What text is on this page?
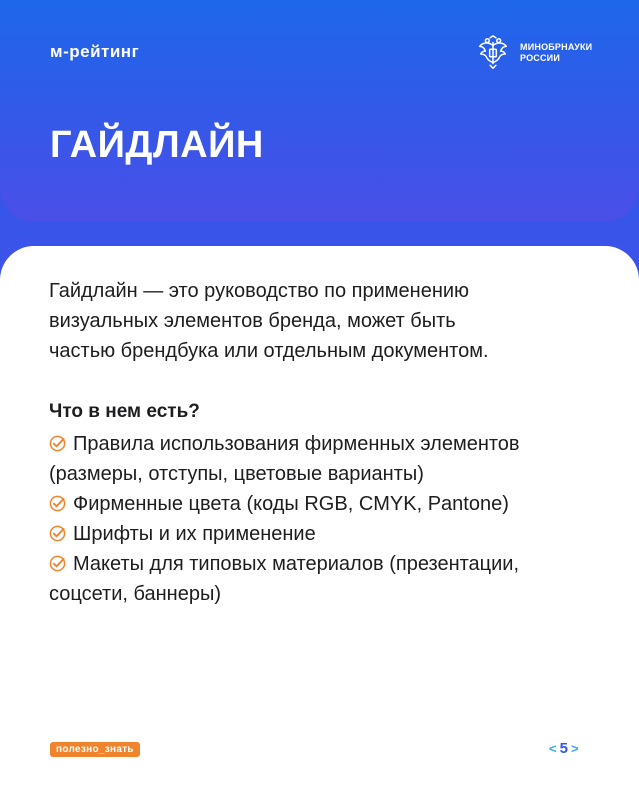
м-рейтинг	МИНОБРНАУКИ
РОССИИ
ГАЙДЛАЙН

Гайдлайн — это руководство по применению
визуальных элементов бренда, может быть
частью брендбука или отдельным документом.

Что в нем есть?
Правила использования фирменных элементов
(размеры, отступы, цветовые варианты)
Фирменные цвета (коды RGB, CMYK, Pantone)
Шрифты и их применение
Макеты для типовых материалов (презентации,
соцсети, баннеры)
полезно_знать	< 5 >
